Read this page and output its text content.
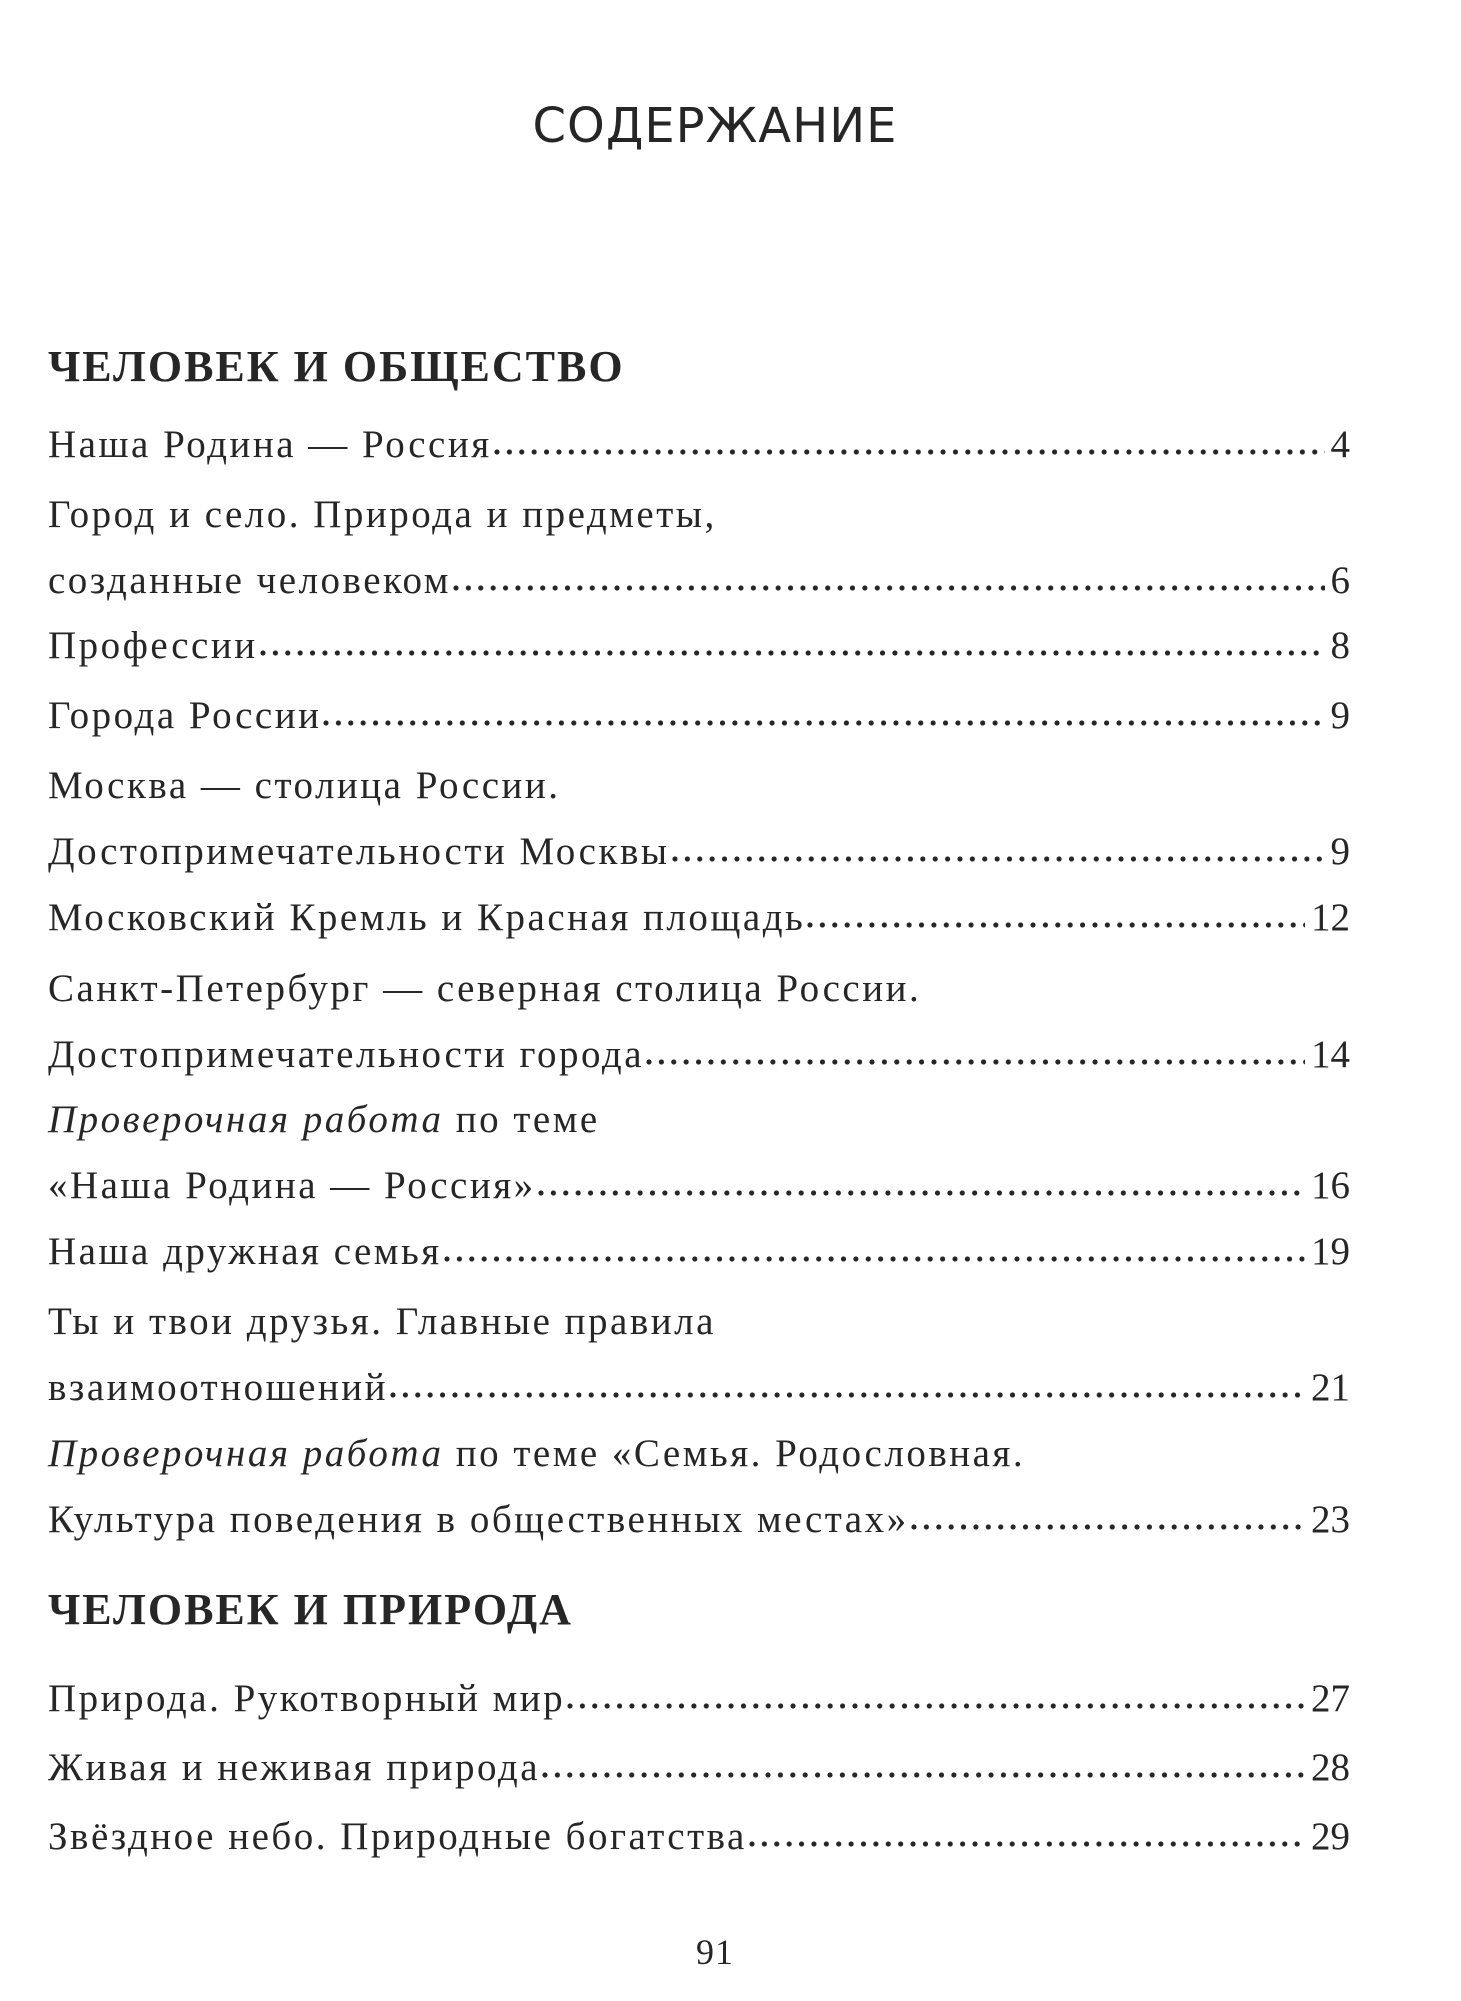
СОДЕРЖАНИЕ
ЧЕЛОВЕК И ОБЩЕСТВО
Наша Родина — Россия	4
Город и село. Природа и предметы,
созданные человеком	6
Профессии	8
Города России	9
Москва — столица России.
Достопримечательности Москвы	9
Московский Кремль и Красная площадь	12
Санкт-Петербург — северная столица России.
Достопримечательности города	14
Проверочная работа по теме
«Наша Родина — Россия»	16
Наша дружная семья	19
Ты и твои друзья. Главные правила
взаимоотношений	21
Проверочная работа по теме «Семья. Родословная.
Культура поведения в общественных местах»	23
ЧЕЛОВЕК И ПРИРОДА
Природа. Рукотворный мир	27
Живая и неживая природа	28
Звёздное небо. Природные богатства	29
91
